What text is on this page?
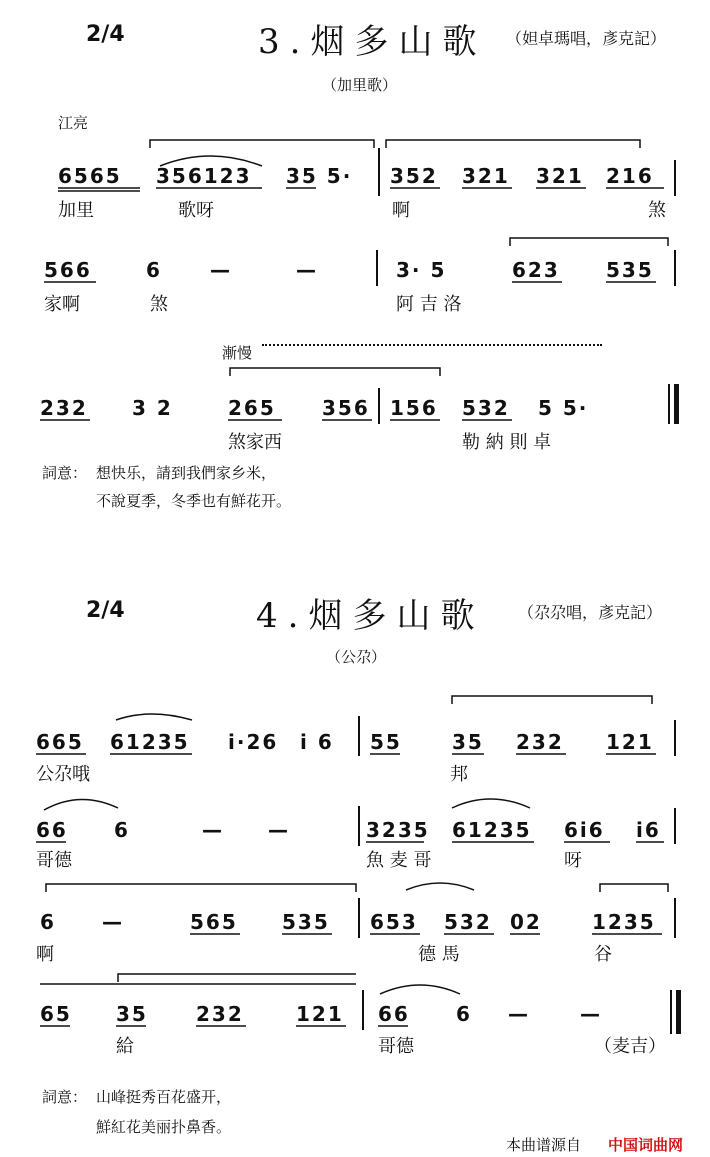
2/4	3.烟多山歌 （妲卓瑪唱，彥克記）
（加里歌）
江亮
6565 356123 35 5· 352 321 321 216
加里	歌呀	啊	煞
566	6 —	—	3· 5	623 535
家啊	煞	阿 吉 洛
漸慢
232 3 2	265 356 156 532 5 5·
煞家西	勒 納 則 卓
詞意： 想快乐，請到我們家乡米，
不說夏季，冬季也有鮮花开。
2/4	4.烟多山歌 （尕尕唱，彥克記）
（公尕）
665 61235 i·26 i 6 55	35 232 121
公尕哦	邦
66 6	— —	3235 61235 6i6 i6
哥德	魚 麦 哥	呀
6 —	565 535 653 532 02	1235
啊	德 馬	谷
65 35 232	121 66 6 —	—
給	哥德	（麦吉）
詞意： 山峰挺秀百花盛开，
鮮紅花美丽扑鼻香。
本曲谱源自 中国词曲网
